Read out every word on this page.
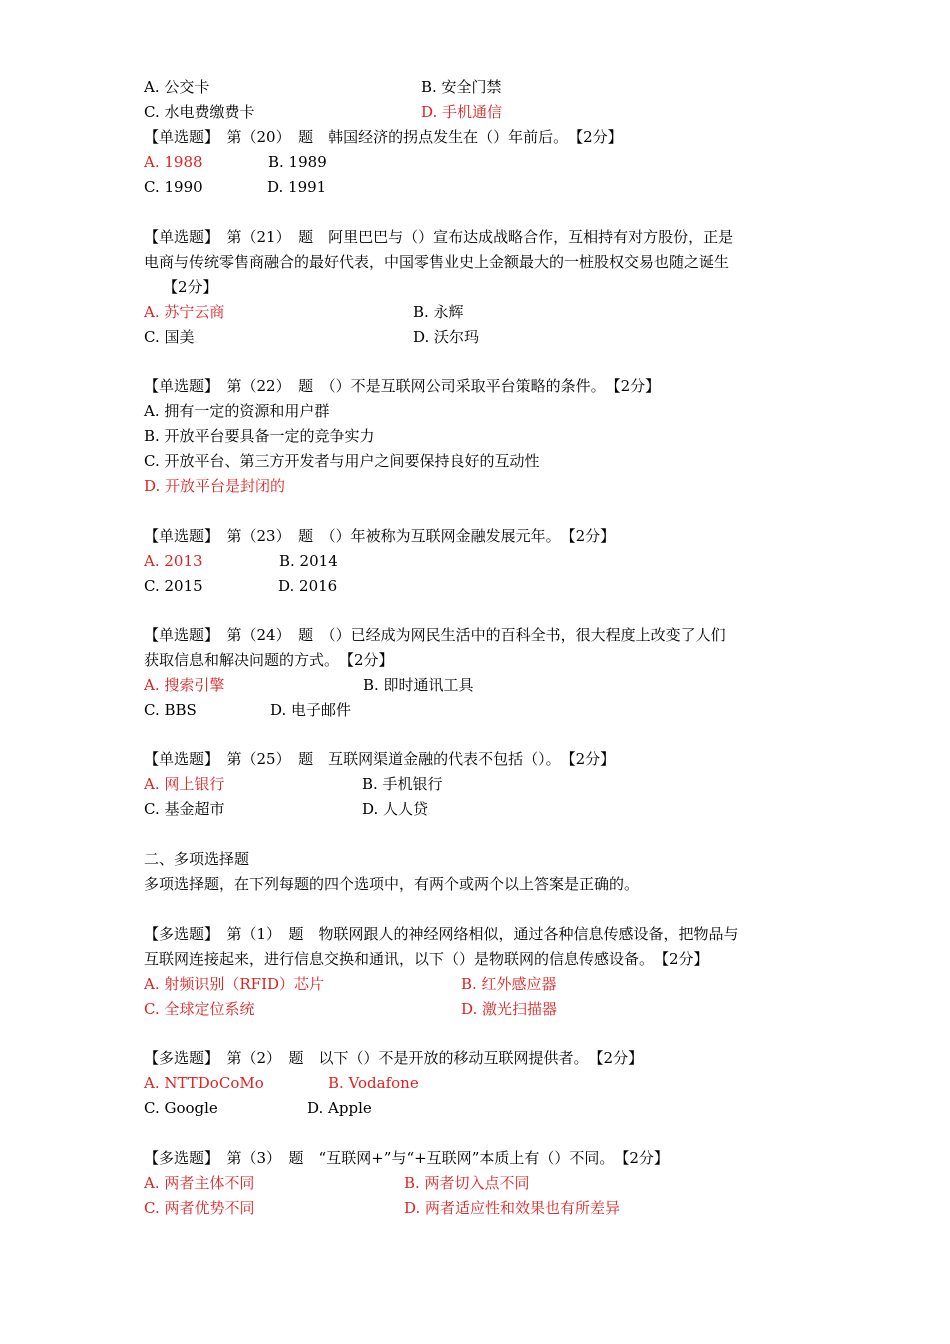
A. 公交卡	B. 安全门禁
C. 水电费缴费卡	D. 手机通信
【单选题】　第（20）　题　韩国经济的拐点发生在（）年前后。　【2分】
A. 1988	B. 1989
C. 1990	D. 1991
【单选题】　第（21）　题　阿里巴巴与（）宣布达成战略合作，互相持有对方股份，正是
电商与传统零售商融合的最好代表，中国零售业史上金额最大的一桩股权交易也随之诞生
【2分】
A. 苏宁云商	B. 永辉
C. 国美	D. 沃尔玛
【单选题】　第（22）　题　（）不是互联网公司采取平台策略的条件。　【2分】
A. 拥有一定的资源和用户群
B. 开放平台要具备一定的竞争实力
C. 开放平台、第三方开发者与用户之间要保持良好的互动性
D. 开放平台是封闭的
【单选题】　第（23）　题　（）年被称为互联网金融发展元年。　【2分】
A. 2013	B. 2014
C. 2015	D. 2016
【单选题】　第（24）　题　（）已经成为网民生活中的百科全书，很大程度上改变了人们
获取信息和解决问题的方式。　【2分】
A. 搜索引擎	B. 即时通讯工具
C. BBS	D. 电子邮件
【单选题】　第（25）　题　互联网渠道金融的代表不包括（）。　【2分】
A. 网上银行	B. 手机银行
C. 基金超市	D. 人人贷
二、多项选择题
多项选择题，在下列每题的四个选项中，有两个或两个以上答案是正确的。
【多选题】　第（1）　题　物联网跟人的神经网络相似，通过各种信息传感设备，把物品与
互联网连接起来，进行信息交换和通讯，以下（）是物联网的信息传感设备。　【2分】
A. 射频识别（RFID）芯片	B. 红外感应器
C. 全球定位系统	D. 激光扫描器
【多选题】　第（2）　题　以下（）不是开放的移动互联网提供者。　【2分】
A. NTTDoCoMo	B. Vodafone
C. Google	D. Apple
【多选题】　第（3）　题　“互联网+”与“+互联网”本质上有（）不同。　【2分】
A. 两者主体不同	B. 两者切入点不同
C. 两者优势不同	D. 两者适应性和效果也有所差异
